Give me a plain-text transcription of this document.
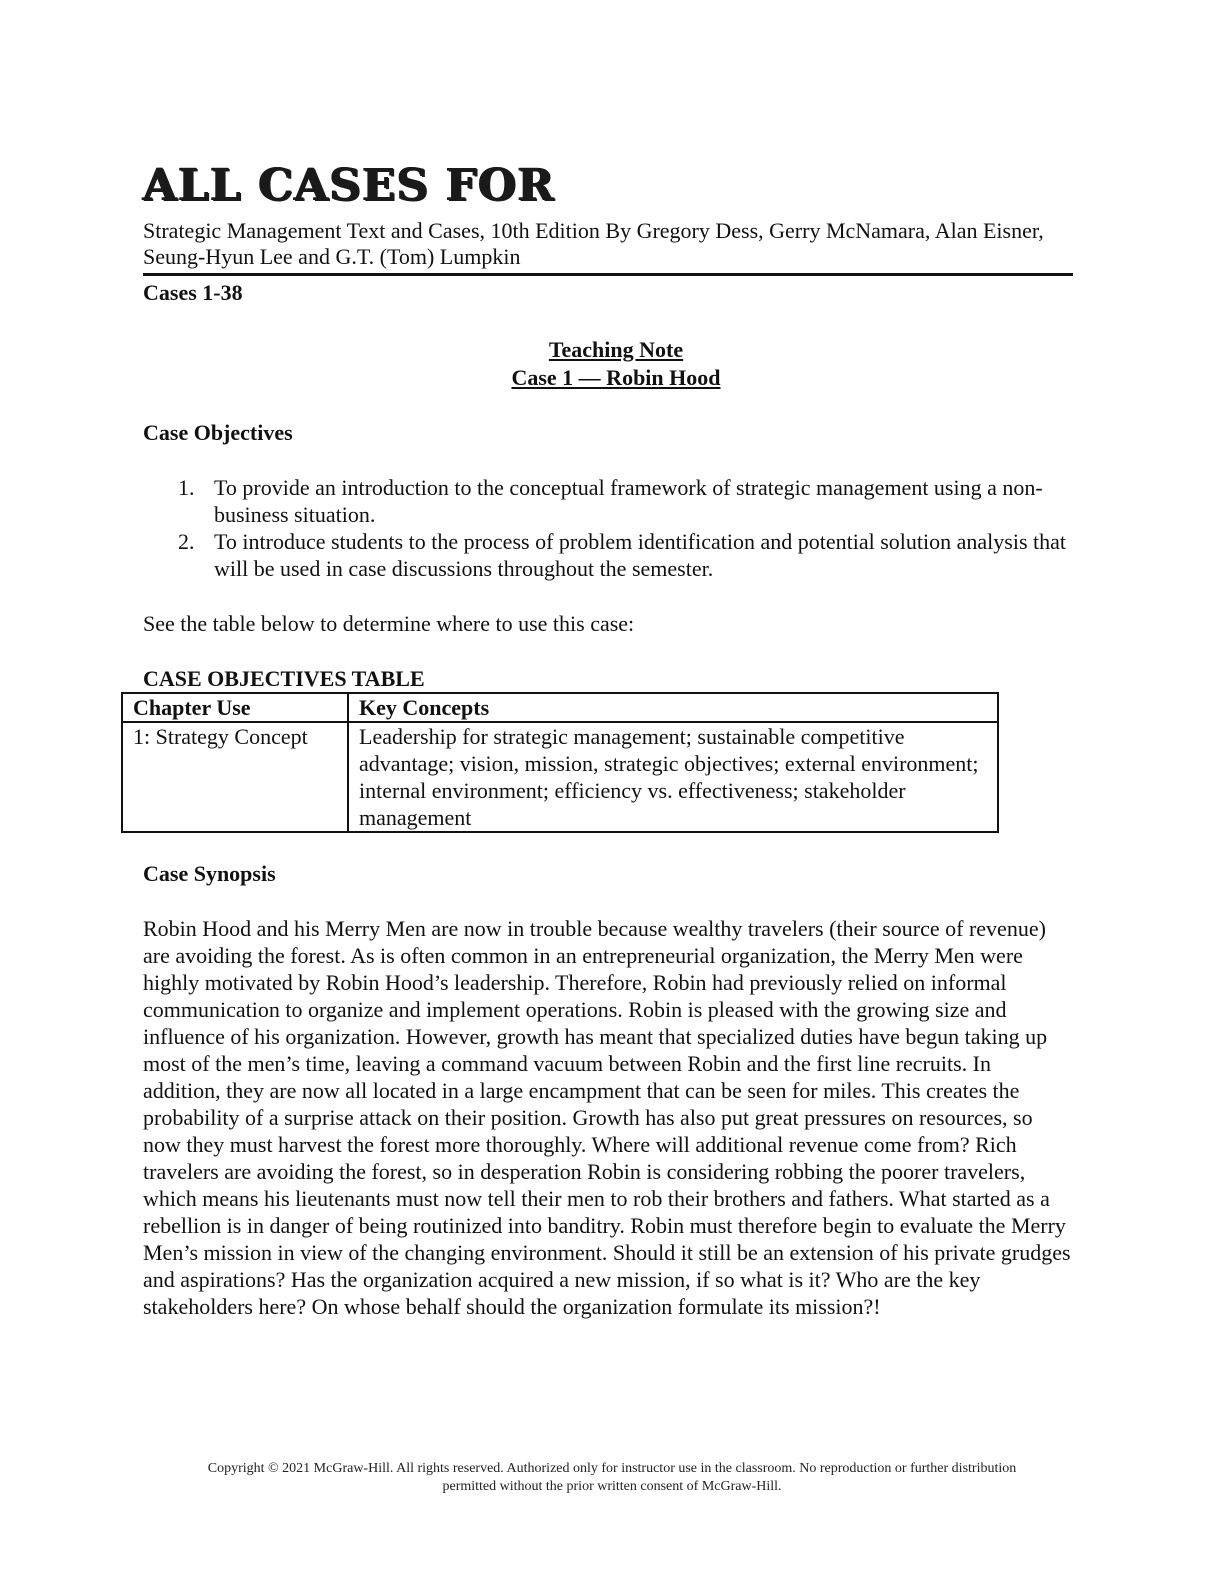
ALL CASES FOR
Strategic Management Text and Cases, 10th Edition By Gregory Dess, Gerry McNamara, Alan Eisner, Seung-Hyun Lee and G.T. (Tom) Lumpkin
Cases 1-38
Teaching Note
Case 1 — Robin Hood
Case Objectives
1. To provide an introduction to the conceptual framework of strategic management using a non-business situation.
2. To introduce students to the process of problem identification and potential solution analysis that will be used in case discussions throughout the semester.

See the table below to determine where to use this case:

CASE OBJECTIVES TABLE
Chapter Use	Key Concepts
1: Strategy Concept	Leadership for strategic management; sustainable competitive advantage; vision, mission, strategic objectives; external environment; internal environment; efficiency vs. effectiveness; stakeholder management
Case Synopsis

Robin Hood and his Merry Men are now in trouble because wealthy travelers (their source of revenue) are avoiding the forest. As is often common in an entrepreneurial organization, the Merry Men were highly motivated by Robin Hood’s leadership. Therefore, Robin had previously relied on informal communication to organize and implement operations. Robin is pleased with the growing size and influence of his organization. However, growth has meant that specialized duties have begun taking up most of the men’s time, leaving a command vacuum between Robin and the first line recruits. In addition, they are now all located in a large encampment that can be seen for miles. This creates the probability of a surprise attack on their position. Growth has also put great pressures on resources, so now they must harvest the forest more thoroughly. Where will additional revenue come from? Rich travelers are avoiding the forest, so in desperation Robin is considering robbing the poorer travelers, which means his lieutenants must now tell their men to rob their brothers and fathers. What started as a rebellion is in danger of being routinized into banditry. Robin must therefore begin to evaluate the Merry Men’s mission in view of the changing environment. Should it still be an extension of his private grudges and aspirations? Has the organization acquired a new mission, if so what is it? Who are the key stakeholders here? On whose behalf should the organization formulate its mission?!

Copyright © 2021 McGraw-Hill. All rights reserved. Authorized only for instructor use in the classroom. No reproduction or further distribution
permitted without the prior written consent of McGraw-Hill.
